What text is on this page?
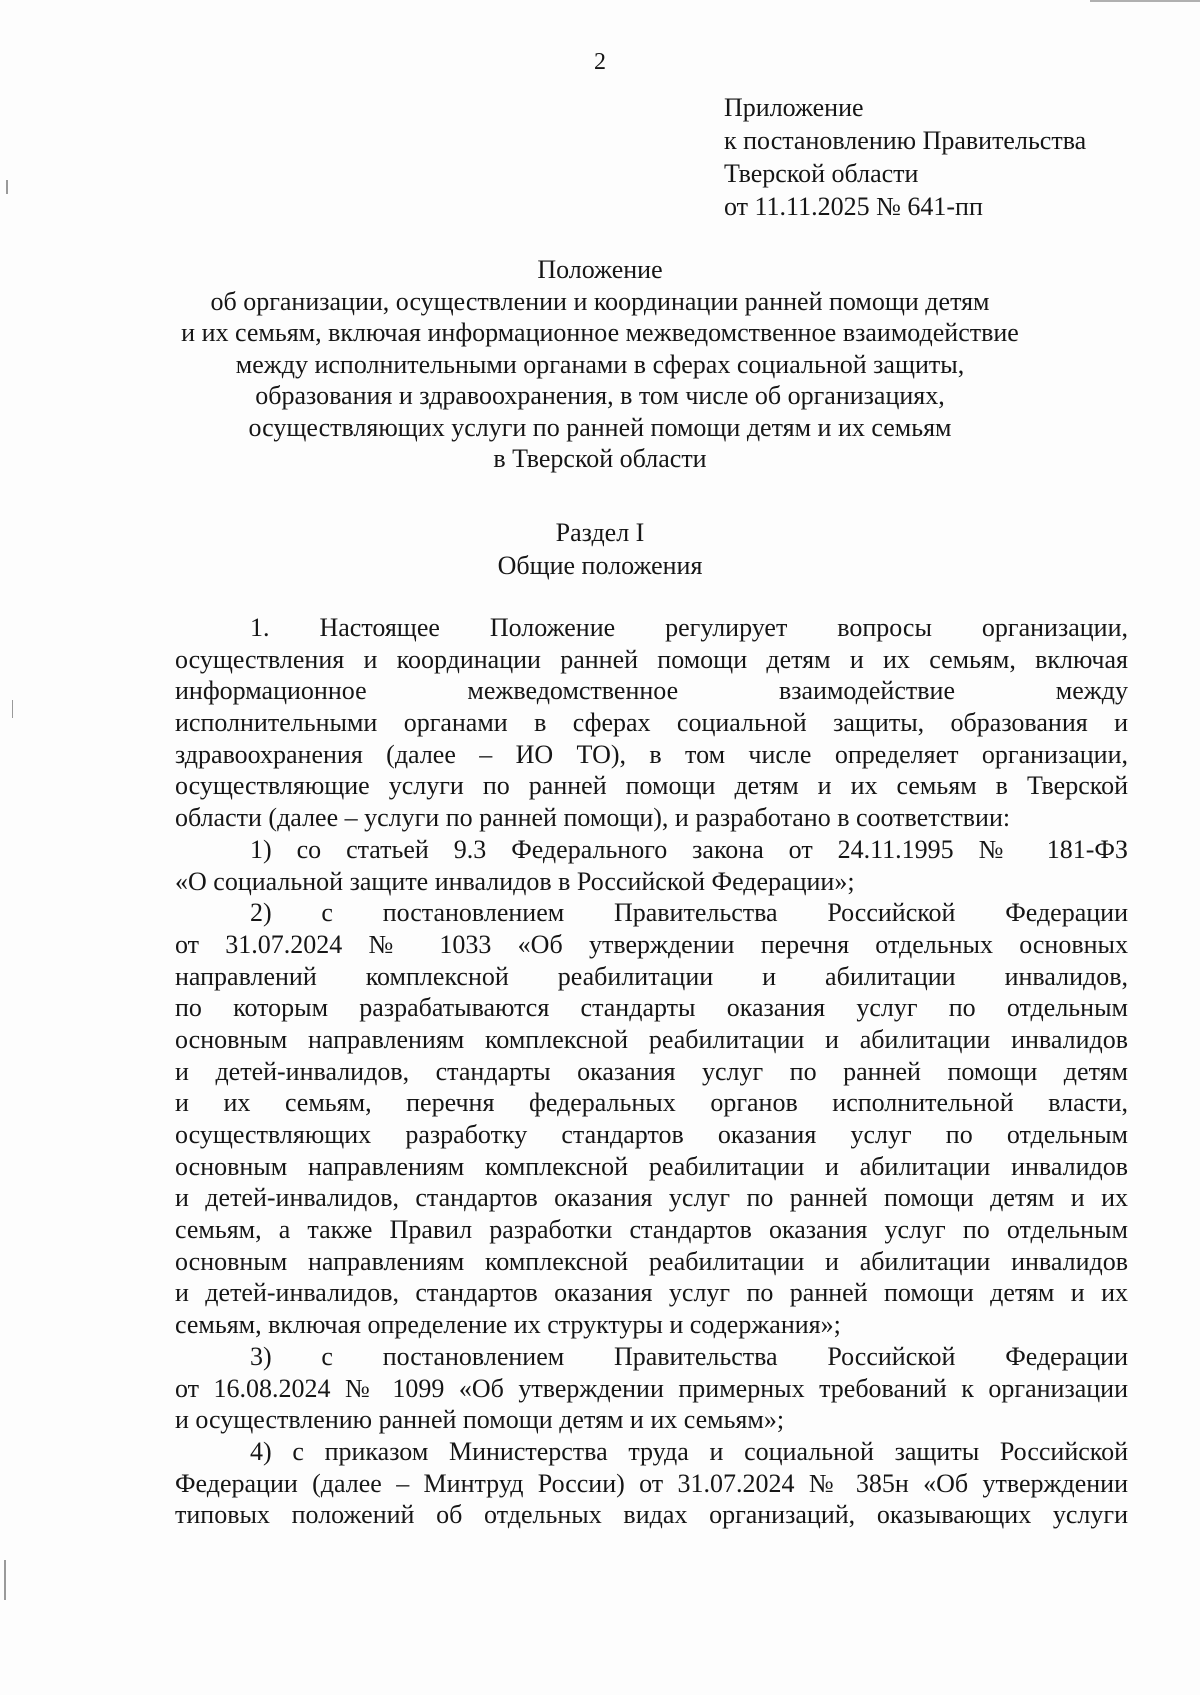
2
Приложение
к постановлению Правительства
Тверской области
от 11.11.2025 № 641-пп
Положение
об организации, осуществлении и координации ранней помощи детям
и их семьям, включая информационное межведомственное взаимодействие
между исполнительными органами в сферах социальной защиты,
образования и здравоохранения, в том числе об организациях,
осуществляющих услуги по ранней помощи детям и их семьям
в Тверской области
Раздел I
Общие положения
1. Настоящее Положение регулирует вопросы организации,
осуществления и координации ранней помощи детям и их семьям, включая
информационное межведомственное взаимодействие между
исполнительными органами в сферах социальной защиты, образования и
здравоохранения (далее – ИО ТО), в том числе определяет организации,
осуществляющие услуги по ранней помощи детям и их семьям в Тверской
области (далее – услуги по ранней помощи), и разработано в соответствии:
1) со статьей 9.3 Федерального закона от 24.11.1995 № 181-ФЗ
«О социальной защите инвалидов в Российской Федерации»;
2) с постановлением Правительства Российской Федерации
от 31.07.2024 № 1033 «Об утверждении перечня отдельных основных
направлений комплексной реабилитации и абилитации инвалидов,
по которым разрабатываются стандарты оказания услуг по отдельным
основным направлениям комплексной реабилитации и абилитации инвалидов
и детей-инвалидов, стандарты оказания услуг по ранней помощи детям
и их семьям, перечня федеральных органов исполнительной власти,
осуществляющих разработку стандартов оказания услуг по отдельным
основным направлениям комплексной реабилитации и абилитации инвалидов
и детей-инвалидов, стандартов оказания услуг по ранней помощи детям и их
семьям, а также Правил разработки стандартов оказания услуг по отдельным
основным направлениям комплексной реабилитации и абилитации инвалидов
и детей-инвалидов, стандартов оказания услуг по ранней помощи детям и их
семьям, включая определение их структуры и содержания»;
3) с постановлением Правительства Российской Федерации
от 16.08.2024 № 1099 «Об утверждении примерных требований к организации
и осуществлению ранней помощи детям и их семьям»;
4) с приказом Министерства труда и социальной защиты Российской
Федерации (далее – Минтруд России) от 31.07.2024 № 385н «Об утверждении
типовых положений об отдельных видах организаций, оказывающих услуги
